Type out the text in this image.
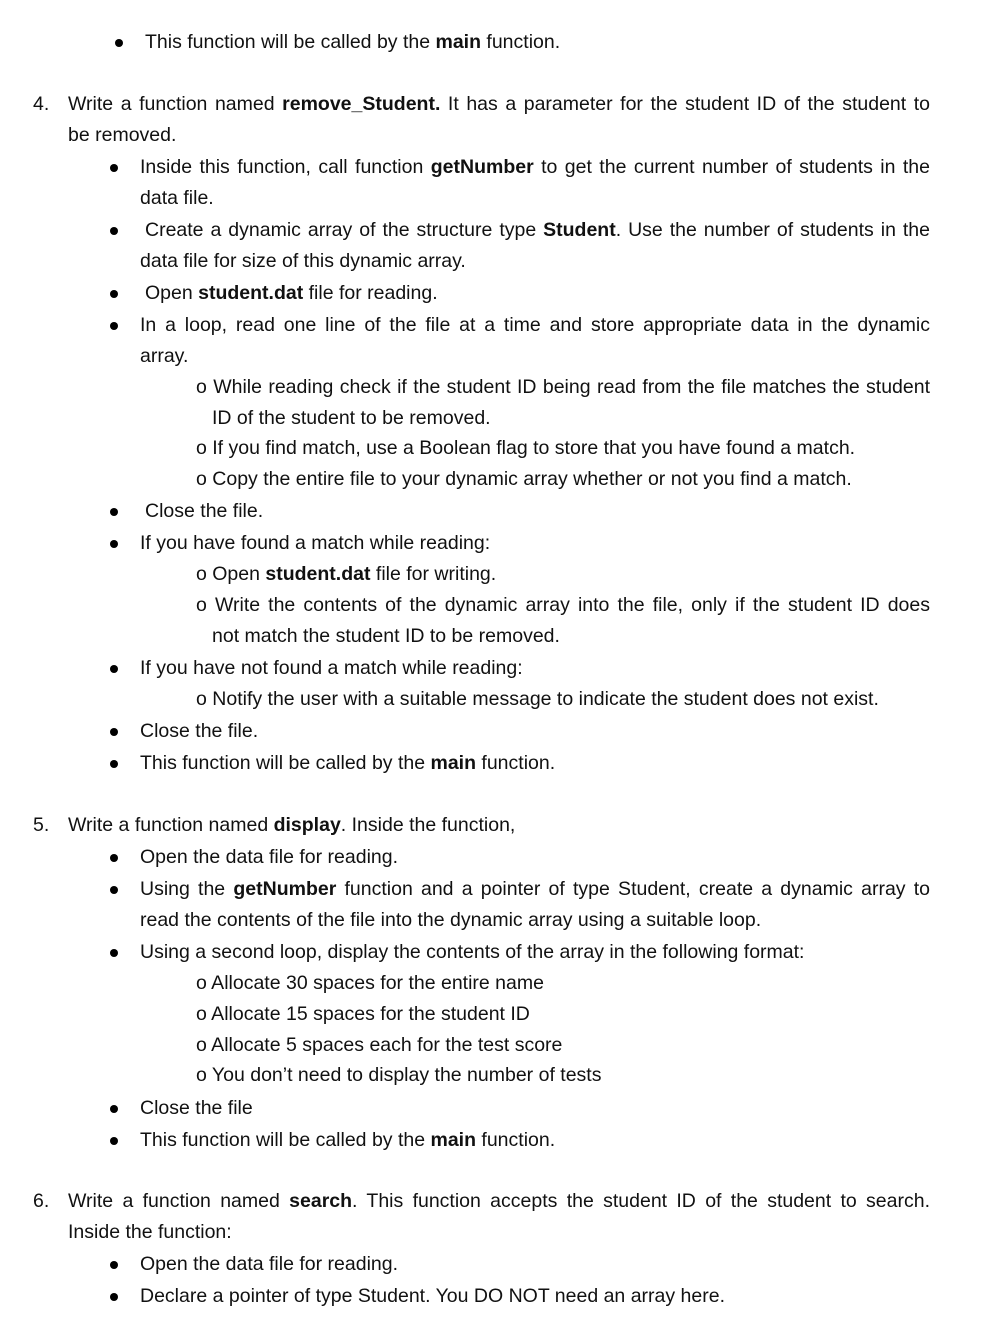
This function will be called by the main function.
4. Write a function named remove_Student. It has a parameter for the student ID of the student to
be removed.
Inside this function, call function getNumber to get the current number of students in the
data file.
Create a dynamic array of the structure type Student. Use the number of students in the
data file for size of this dynamic array.
Open student.dat file for reading.
In a loop, read one line of the file at a time and store appropriate data in the dynamic
array.
o While reading check if the student ID being read from the file matches the student
ID of the student to be removed.
o If you find match, use a Boolean flag to store that you have found a match.
o Copy the entire file to your dynamic array whether or not you find a match.
Close the file.
If you have found a match while reading:
o Open student.dat file for writing.
o Write the contents of the dynamic array into the file, only if the student ID does
not match the student ID to be removed.
If you have not found a match while reading:
o Notify the user with a suitable message to indicate the student does not exist.
Close the file.
This function will be called by the main function.
5. Write a function named display. Inside the function,
Open the data file for reading.
Using the getNumber function and a pointer of type Student, create a dynamic array to
read the contents of the file into the dynamic array using a suitable loop.
Using a second loop, display the contents of the array in the following format:
o Allocate 30 spaces for the entire name
o Allocate 15 spaces for the student ID
o Allocate 5 spaces each for the test score
o You don’t need to display the number of tests
Close the file
This function will be called by the main function.
6. Write a function named search. This function accepts the student ID of the student to search.
Inside the function:
Open the data file for reading.
Declare a pointer of type Student. You DO NOT need an array here.
